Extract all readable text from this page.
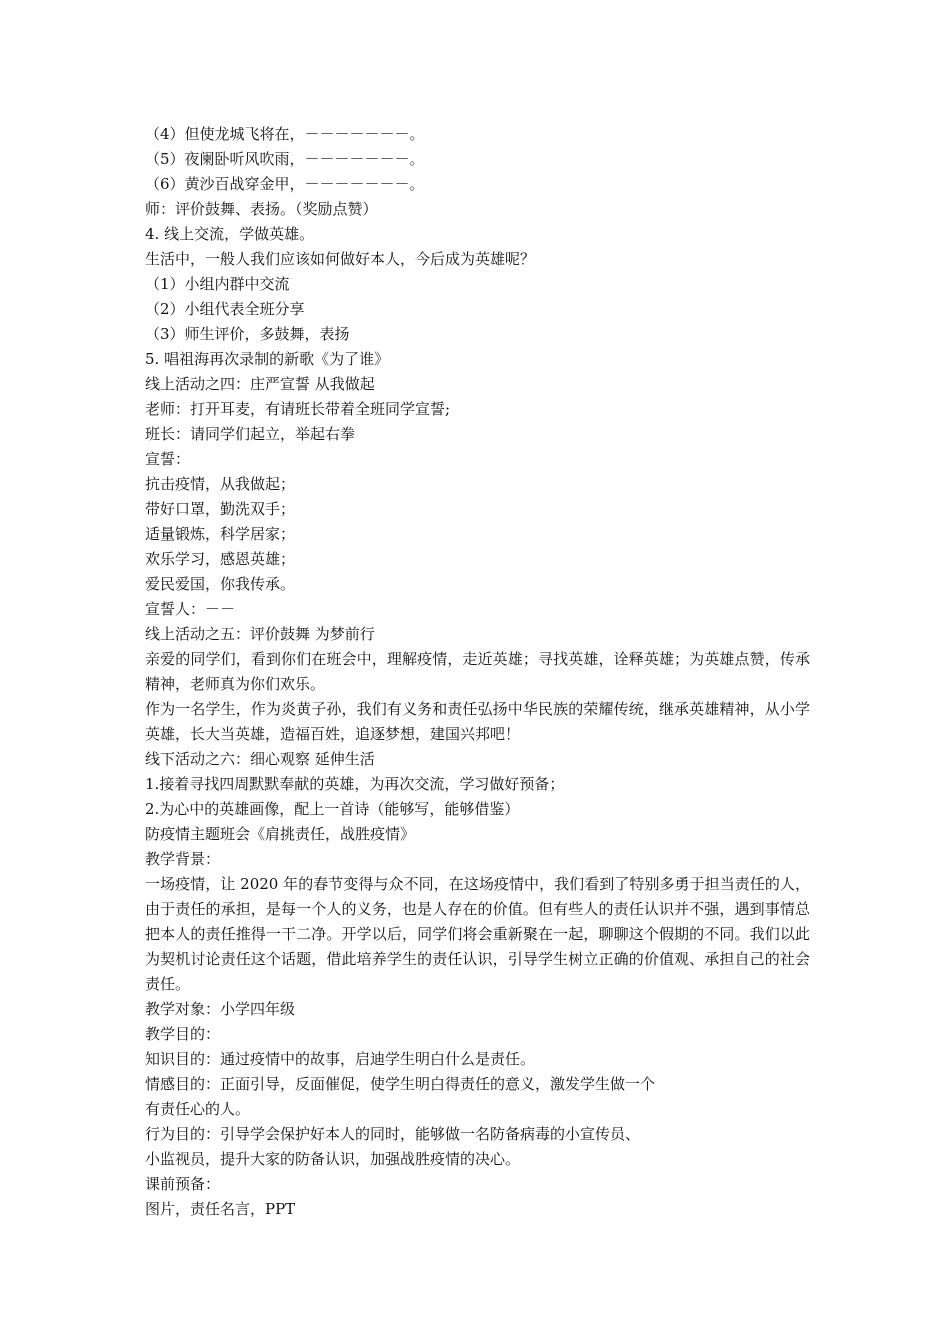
（4）但使龙城飞将在，－－－－－－－。
（5）夜阑卧听风吹雨，－－－－－－－。
（6）黄沙百战穿金甲，－－－－－－－。
师：评价鼓舞、表扬。（奖励点赞）
4. 线上交流，学做英雄。
生活中，一般人我们应该如何做好本人，今后成为英雄呢？
（1）小组内群中交流
（2）小组代表全班分享
（3）师生评价，多鼓舞，表扬
5. 唱祖海再次录制的新歌《为了谁》
线上活动之四：庄严宣誓 从我做起
老师：打开耳麦，有请班长带着全班同学宣誓;
班长：请同学们起立，举起右拳
宣誓：
抗击疫情，从我做起；
带好口罩，勤洗双手；
适量锻炼，科学居家；
欢乐学习，感恩英雄；
爱民爱国，你我传承。
宣誓人：－－
线上活动之五：评价鼓舞 为梦前行
亲爱的同学们，看到你们在班会中，理解疫情，走近英雄；寻找英雄，诠释英雄；为英雄点赞，传承精神，老师真为你们欢乐。
作为一名学生，作为炎黄子孙，我们有义务和责任弘扬中华民族的荣耀传统，继承英雄精神，从小学英雄，长大当英雄，造福百姓，追逐梦想，建国兴邦吧！
线下活动之六：细心观察 延伸生活
1.接着寻找四周默默奉献的英雄，为再次交流，学习做好预备；
2.为心中的英雄画像，配上一首诗（能够写，能够借鉴）
防疫情主题班会《肩挑责任，战胜疫情》
教学背景：
一场疫情，让 2020 年的春节变得与众不同，在这场疫情中，我们看到了特别多勇于担当责任的人，由于责任的承担，是每一个人的义务，也是人存在的价值。但有些人的责任认识并不强，遇到事情总把本人的责任推得一干二净。开学以后，同学们将会重新聚在一起，聊聊这个假期的不同。我们以此为契机讨论责任这个话题，借此培养学生的责任认识，引导学生树立正确的价值观、承担自己的社会责任。
教学对象：小学四年级
教学目的：
知识目的：通过疫情中的故事，启迪学生明白什么是责任。
情感目的：正面引导，反面催促，使学生明白得责任的意义，激发学生做一个
有责任心的人。
行为目的：引导学会保护好本人的同时，能够做一名防备病毒的小宣传员、
小监视员，提升大家的防备认识，加强战胜疫情的决心。
课前预备：
图片，责任名言，PPT
